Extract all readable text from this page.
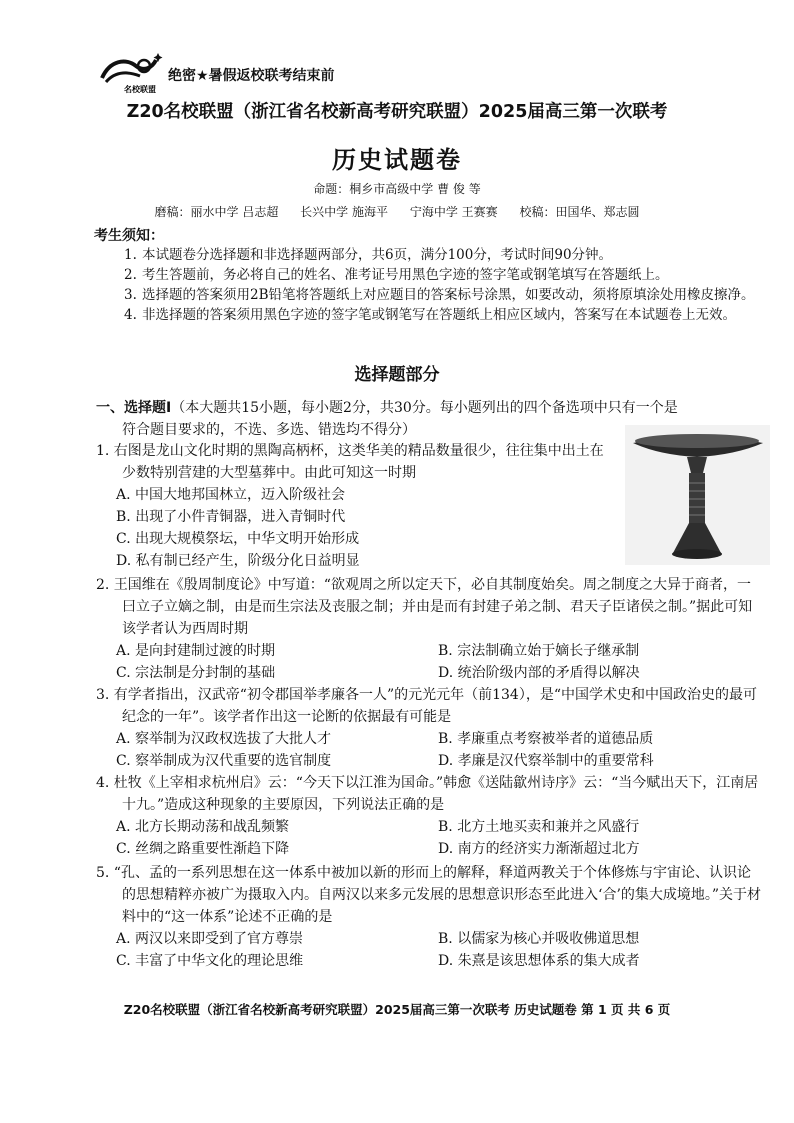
名校联盟
绝密★暑假返校联考结束前
Z20名校联盟（浙江省名校新高考研究联盟）2025届高三第一次联考
历史试题卷
命题：桐乡市高级中学 曹 俊 等
磨稿：丽水中学 吕志超 长兴中学 施海平 宁海中学 王赛赛 校稿：田国华、郑志圆
考生须知：
1. 本试题卷分选择题和非选择题两部分，共6页，满分100分，考试时间90分钟。
2. 考生答题前，务必将自己的姓名、准考证号用黑色字迹的签字笔或钢笔填写在答题纸上。
3. 选择题的答案须用2B铅笔将答题纸上对应题目的答案标号涂黑，如要改动，须将原填涂处用橡皮擦净。
4. 非选择题的答案须用黑色字迹的签字笔或钢笔写在答题纸上相应区域内，答案写在本试题卷上无效。
选择题部分
一、选择题Ⅰ（本大题共15小题，每小题2分，共30分。每小题列出的四个备选项中只有一个是
符合题目要求的，不选、多选、错选均不得分）
1. 右图是龙山文化时期的黑陶高柄杯，这类华美的精品数量很少，往往集中出土在少数特别营建的大型墓葬中。由此可知这一时期
A. 中国大地邦国林立，迈入阶级社会
B. 出现了小件青铜器，进入青铜时代
C. 出现大规模祭坛，中华文明开始形成
D. 私有制已经产生，阶级分化日益明显
2. 王国维在《殷周制度论》中写道：“欲观周之所以定天下，必自其制度始矣。周之制度之大异于商者，一曰立子立嫡之制，由是而生宗法及丧服之制；并由是而有封建子弟之制、君天子臣诸侯之制。”据此可知该学者认为西周时期
A. 是向封建制过渡的时期	B. 宗法制确立始于嫡长子继承制
C. 宗法制是分封制的基础	D. 统治阶级内部的矛盾得以解决
3. 有学者指出，汉武帝“初令郡国举孝廉各一人”的元光元年（前134），是“中国学术史和中国政治史的最可纪念的一年”。该学者作出这一论断的依据最有可能是
A. 察举制为汉政权选拔了大批人才	B. 孝廉重点考察被举者的道德品质
C. 察举制成为汉代重要的选官制度	D. 孝廉是汉代察举制中的重要常科
4. 杜牧《上宰相求杭州启》云：“今天下以江淮为国命。”韩愈《送陆歙州诗序》云：“当今赋出天下，江南居十九。”造成这种现象的主要原因，下列说法正确的是
A. 北方长期动荡和战乱频繁	B. 北方土地买卖和兼并之风盛行
C. 丝绸之路重要性渐趋下降	D. 南方的经济实力渐渐超过北方
5. “孔、孟的一系列思想在这一体系中被加以新的形而上的解释，释道两教关于个体修炼与宇宙论、认识论的思想精粹亦被广为摄取入内。自两汉以来多元发展的思想意识形态至此进入‘合’的集大成境地。”关于材料中的“这一体系”论述不正确的是
A. 两汉以来即受到了官方尊崇	B. 以儒家为核心并吸收佛道思想
C. 丰富了中华文化的理论思维	D. 朱熹是该思想体系的集大成者
Z20名校联盟（浙江省名校新高考研究联盟）2025届高三第一次联考 历史试题卷 第 1 页 共 6 页
